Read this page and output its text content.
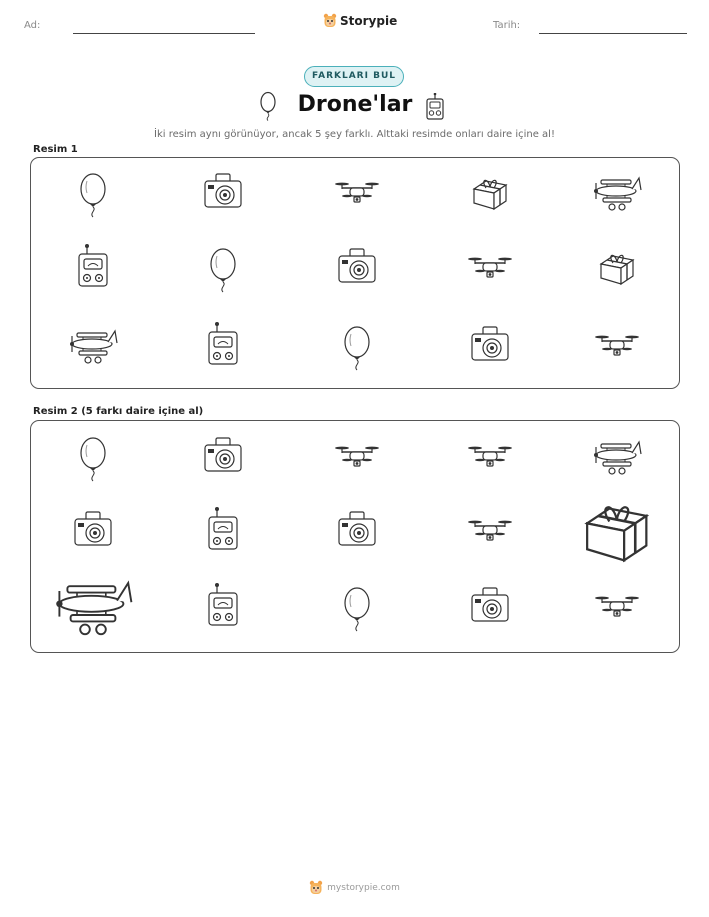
Ad:	Storypie	Tarih:
FARKLARI BUL
Drone'lar
İki resim aynı görünüyor, ancak 5 şey farklı. Alttaki resimde onları daire içine al!
Resim 1
Resim 2 (5 farkı daire içine al)
mystorypie.com
